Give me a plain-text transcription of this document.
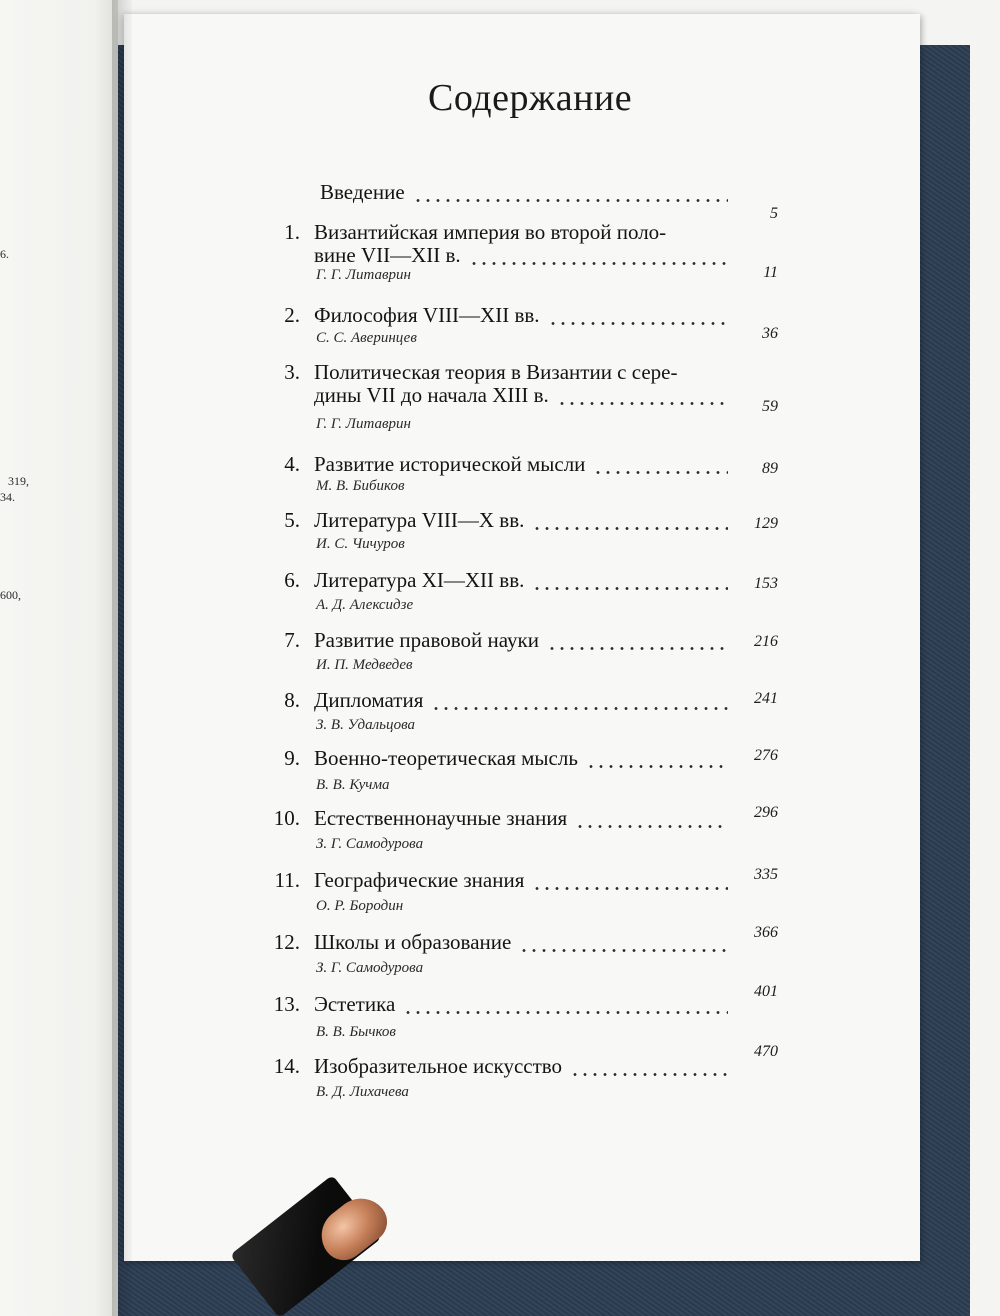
6.
319,
34.
600,
Содержание
Введение
5
1. Византийская империя во второй поло-
вине VII—XII в.
Г. Г. Литаврин	11
2. Философия VIII—XII вв.
С. С. Аверинцев	36
3. Политическая теория в Византии с сере-
дины VII до начала XIII в.
Г. Г. Литаврин
59
4. Развитие исторической мысли
М. В. Бибиков
89
5. Литература VIII—X вв.
И. С. Чичуров
129
6. Литература XI—XII вв.
А. Д. Алексидзе
153
7. Развитие правовой науки
И. П. Медведев
216
8. Дипломатия
З. В. Удальцова
241
9. Военно-теоретическая мысль
В. В. Кучма
276
10. Естественнонаучные знания
З. Г. Самодурова
296
11. Географические знания
О. Р. Бородин
335
12. Школы и образование
З. Г. Самодурова
366
13. Эстетика
В. В. Бычков
401
14. Изобразительное искусство
В. Д. Лихачева
470
